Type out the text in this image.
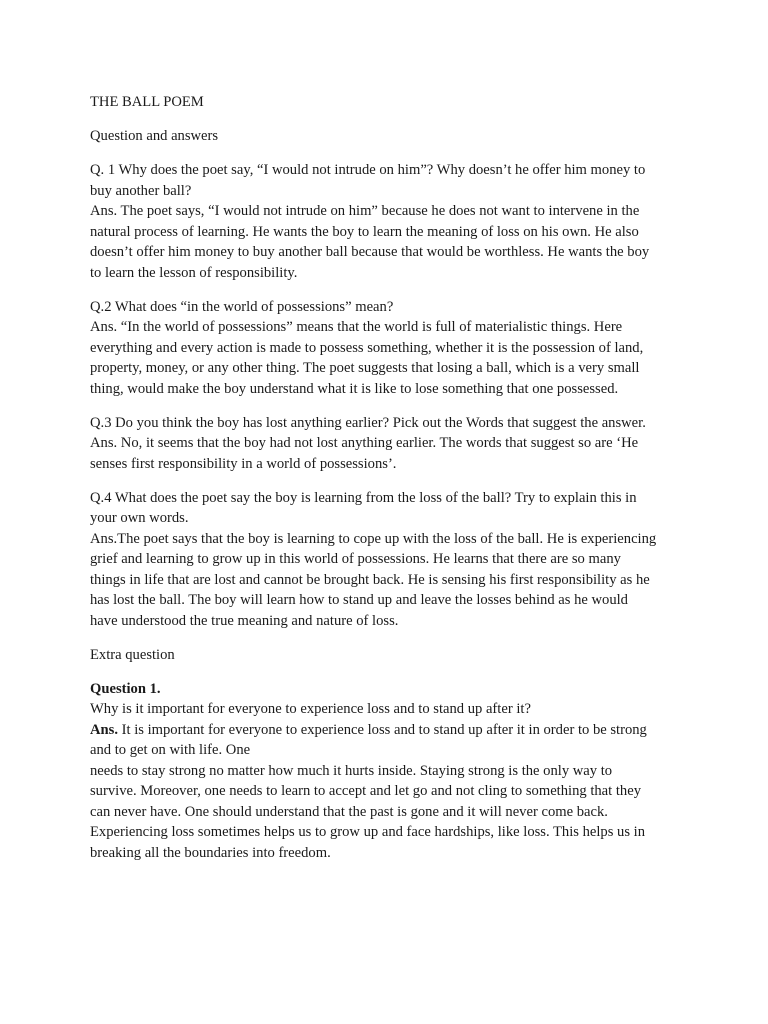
THE BALL POEM

Question and answers

Q. 1 Why does the poet say, “I would not intrude on him”? Why doesn’t he offer him money to
buy another ball?
Ans. The poet says, “I would not intrude on him” because he does not want to intervene in the
natural process of learning. He wants the boy to learn the meaning of loss on his own. He also
doesn’t offer him money to buy another ball because that would be worthless. He wants the boy
to learn the lesson of responsibility.

Q.2 What does “in the world of possessions” mean?
Ans. “In the world of possessions” means that the world is full of materialistic things. Here
everything and every action is made to possess something, whether it is the possession of land,
property, money, or any other thing. The poet suggests that losing a ball, which is a very small
thing, would make the boy understand what it is like to lose something that one possessed.

Q.3 Do you think the boy has lost anything earlier? Pick out the Words that suggest the answer.
Ans. No, it seems that the boy had not lost anything earlier. The words that suggest so are ‘He
senses first responsibility in a world of possessions’.

Q.4 What does the poet say the boy is learning from the loss of the ball? Try to explain this in
your own words.
Ans.The poet says that the boy is learning to cope up with the loss of the ball. He is experiencing
grief and learning to grow up in this world of possessions. He learns that there are so many
things in life that are lost and cannot be brought back. He is sensing his first responsibility as he
has lost the ball. The boy will learn how to stand up and leave the losses behind as he would
have understood the true meaning and nature of loss.

Extra question

Question 1.
Why is it important for everyone to experience loss and to stand up after it?
Ans. It is important for everyone to experience loss and to stand up after it in order to be strong
and to get on with life. One
needs to stay strong no matter how much it hurts inside. Staying strong is the only way to
survive. Moreover, one needs to learn to accept and let go and not cling to something that they
can never have. One should understand that the past is gone and it will never come back.
Experiencing loss sometimes helps us to grow up and face hardships, like loss. This helps us in
breaking all the boundaries into freedom.
